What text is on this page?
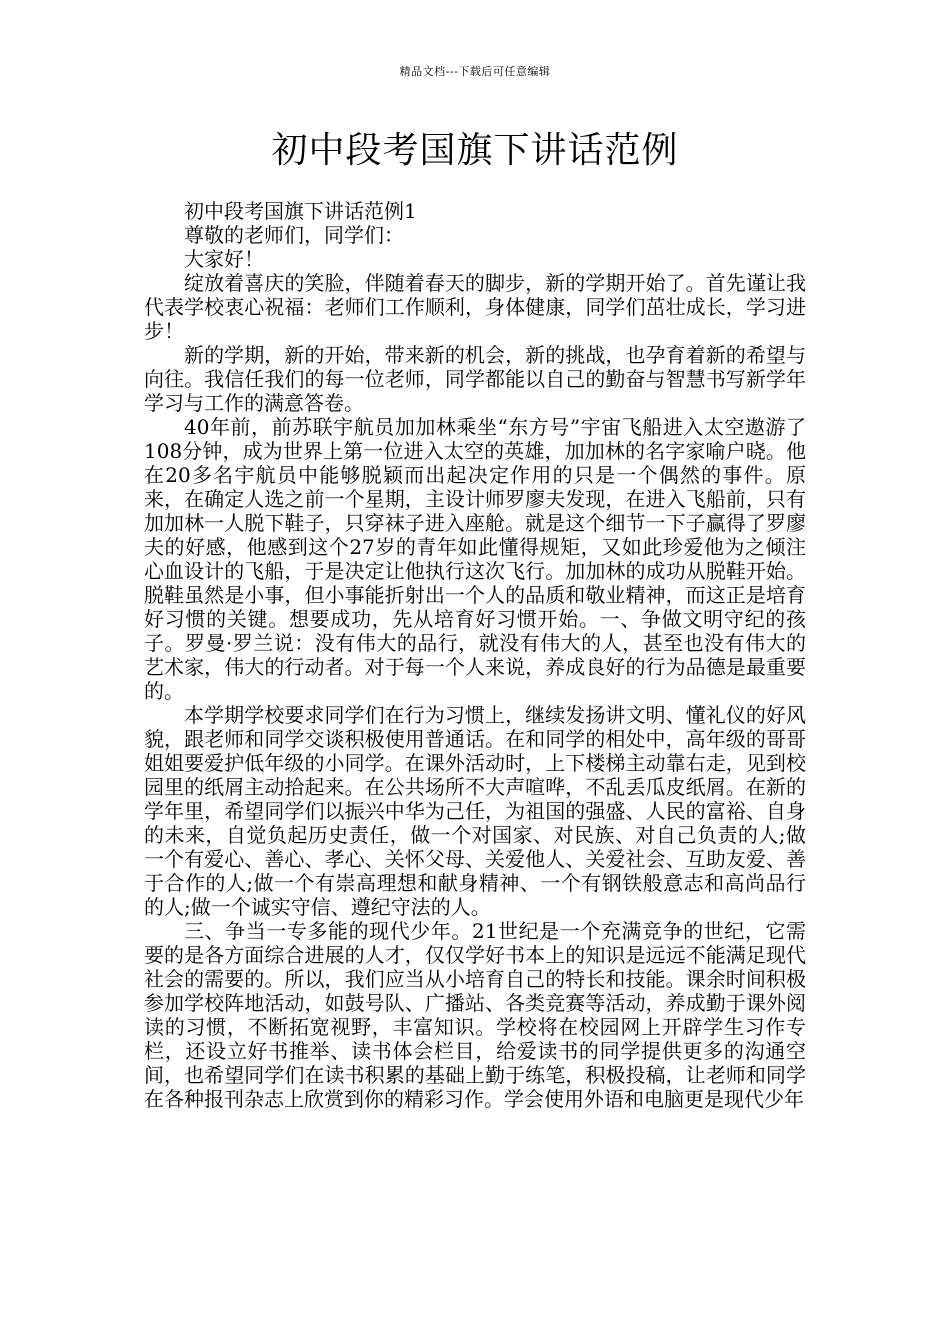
精品文档---下载后可任意编辑
初中段考国旗下讲话范例

初中段考国旗下讲话范例1

尊敬的老师们，同学们：

大家好！

绽放着喜庆的笑脸，伴随着春天的脚步，新的学期开始了。首先谨让我代表学校衷心祝福：老师们工作顺利，身体健康，同学们茁壮成长，学习进步！

新的学期，新的开始，带来新的机会，新的挑战，也孕育着新的希望与向往。我信任我们的每一位老师，同学都能以自己的勤奋与智慧书写新学年学习与工作的满意答卷。

40年前，前苏联宇航员加加林乘坐“东方号”宇宙飞船进入太空遨游了108分钟，成为世界上第一位进入太空的英雄，加加林的名字家喻户晓。他在20多名宇航员中能够脱颖而出起决定作用的只是一个偶然的事件。原来，在确定人选之前一个星期，主设计师罗廖夫发现，在进入飞船前，只有加加林一人脱下鞋子，只穿袜子进入座舱。就是这个细节一下子赢得了罗廖夫的好感，他感到这个27岁的青年如此懂得规矩，又如此珍爱他为之倾注心血设计的飞船，于是决定让他执行这次飞行。加加林的成功从脱鞋开始。脱鞋虽然是小事，但小事能折射出一个人的品质和敬业精神，而这正是培育好习惯的关键。想要成功，先从培育好习惯开始。一、争做文明守纪的孩子。罗曼·罗兰说：没有伟大的品行，就没有伟大的人，甚至也没有伟大的艺术家，伟大的行动者。对于每一个人来说，养成良好的行为品德是最重要的。

本学期学校要求同学们在行为习惯上，继续发扬讲文明、懂礼仪的好风貌，跟老师和同学交谈积极使用普通话。在和同学的相处中，高年级的哥哥姐姐要爱护低年级的小同学。在课外活动时，上下楼梯主动靠右走，见到校园里的纸屑主动拾起来。在公共场所不大声喧哗，不乱丢瓜皮纸屑。在新的学年里，希望同学们以振兴中华为己任，为祖国的强盛、人民的富裕、自身的未来，自觉负起历史责任，做一个对国家、对民族、对自己负责的人;做一个有爱心、善心、孝心、关怀父母、关爱他人、关爱社会、互助友爱、善于合作的人;做一个有崇高理想和献身精神、一个有钢铁般意志和高尚品行的人;做一个诚实守信、遵纪守法的人。

三、争当一专多能的现代少年。21世纪是一个充满竞争的世纪，它需要的是各方面综合进展的人才，仅仅学好书本上的知识是远远不能满足现代社会的需要的。所以，我们应当从小培育自己的特长和技能。课余时间积极参加学校阵地活动，如鼓号队、广播站、各类竞赛等活动，养成勤于课外阅读的习惯，不断拓宽视野，丰富知识。学校将在校园网上开辟学生习作专栏，还设立好书推举、读书体会栏目，给爱读书的同学提供更多的沟通空间，也希望同学们在读书积累的基础上勤于练笔，积极投稿，让老师和同学在各种报刊杂志上欣赏到你的精彩习作。学会使用外语和电脑更是现代少年
